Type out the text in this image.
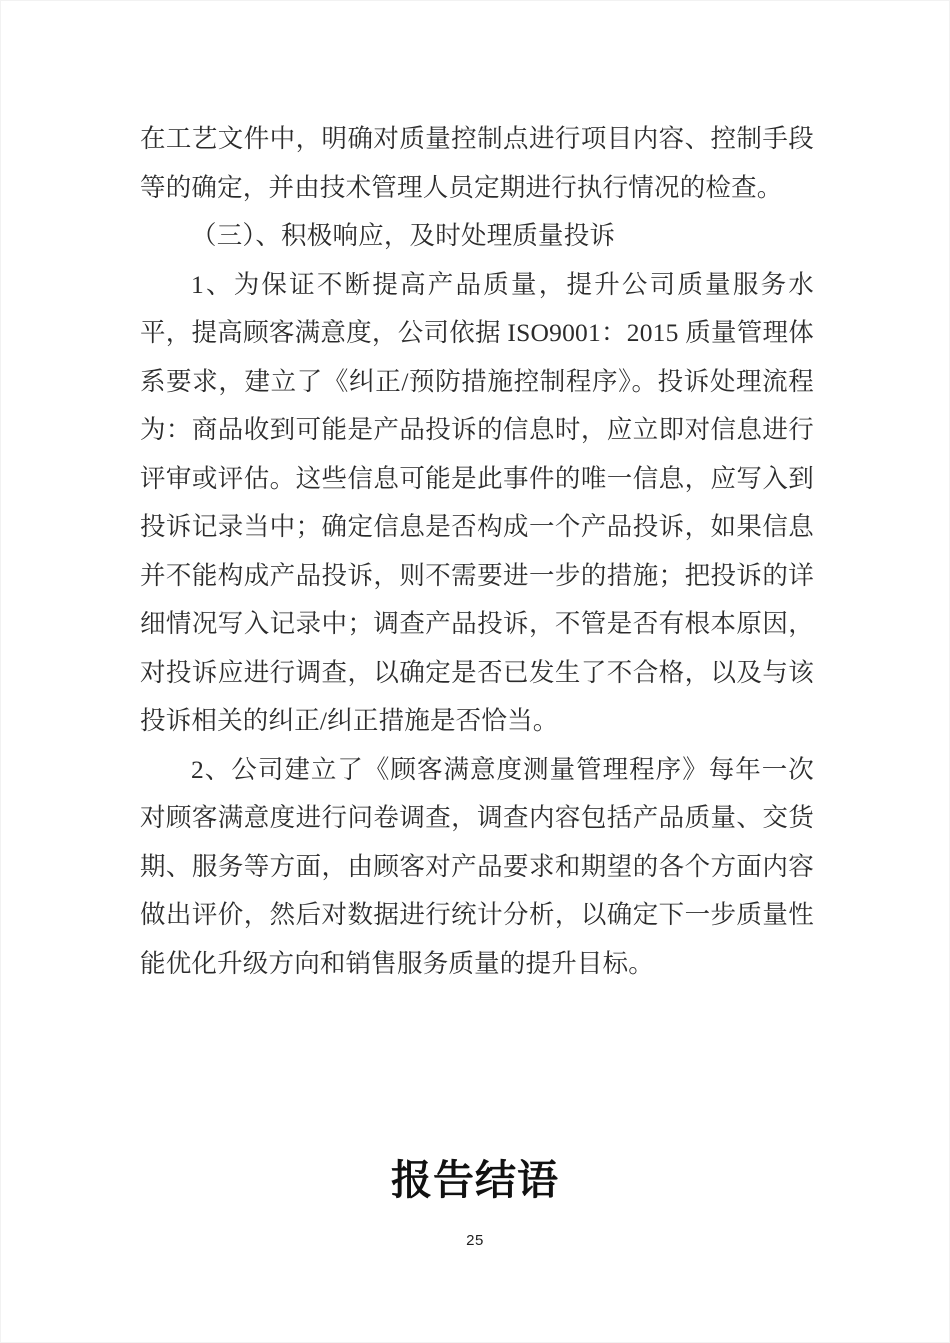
在工艺文件中，明确对质量控制点进行项目内容、控制手段等的确定，并由技术管理人员定期进行执行情况的检查。

（三）、积极响应，及时处理质量投诉

1、为保证不断提高产品质量，提升公司质量服务水平，提高顾客满意度，公司依据 ISO9001：2015 质量管理体系要求，建立了《纠正/预防措施控制程序》。投诉处理流程为：商品收到可能是产品投诉的信息时，应立即对信息进行评审或评估。这些信息可能是此事件的唯一信息，应写入到投诉记录当中；确定信息是否构成一个产品投诉，如果信息并不能构成产品投诉，则不需要进一步的措施；把投诉的详细情况写入记录中；调查产品投诉，不管是否有根本原因，对投诉应进行调查，以确定是否已发生了不合格，以及与该投诉相关的纠正/纠正措施是否恰当。

2、公司建立了《顾客满意度测量管理程序》每年一次对顾客满意度进行问卷调查，调查内容包括产品质量、交货期、服务等方面，由顾客对产品要求和期望的各个方面内容做出评价，然后对数据进行统计分析，以确定下一步质量性能优化升级方向和销售服务质量的提升目标。

报告结语
25
